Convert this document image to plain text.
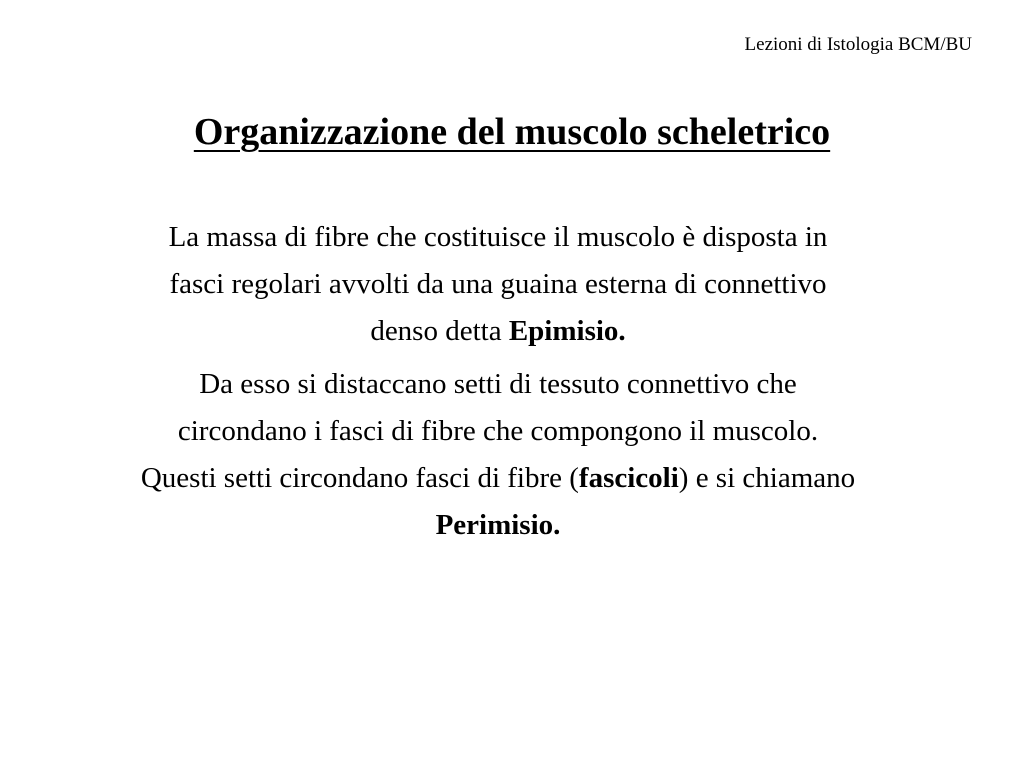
Lezioni di Istologia BCM/BU
Organizzazione del muscolo scheletrico

La massa di fibre che costituisce il muscolo è disposta in fasci regolari avvolti da una guaina esterna di connettivo denso detta Epimisio.

Da esso si distaccano setti di tessuto connettivo che circondano i fasci di fibre che compongono il muscolo. Questi setti circondano fasci di fibre (fascicoli) e si chiamano Perimisio.
